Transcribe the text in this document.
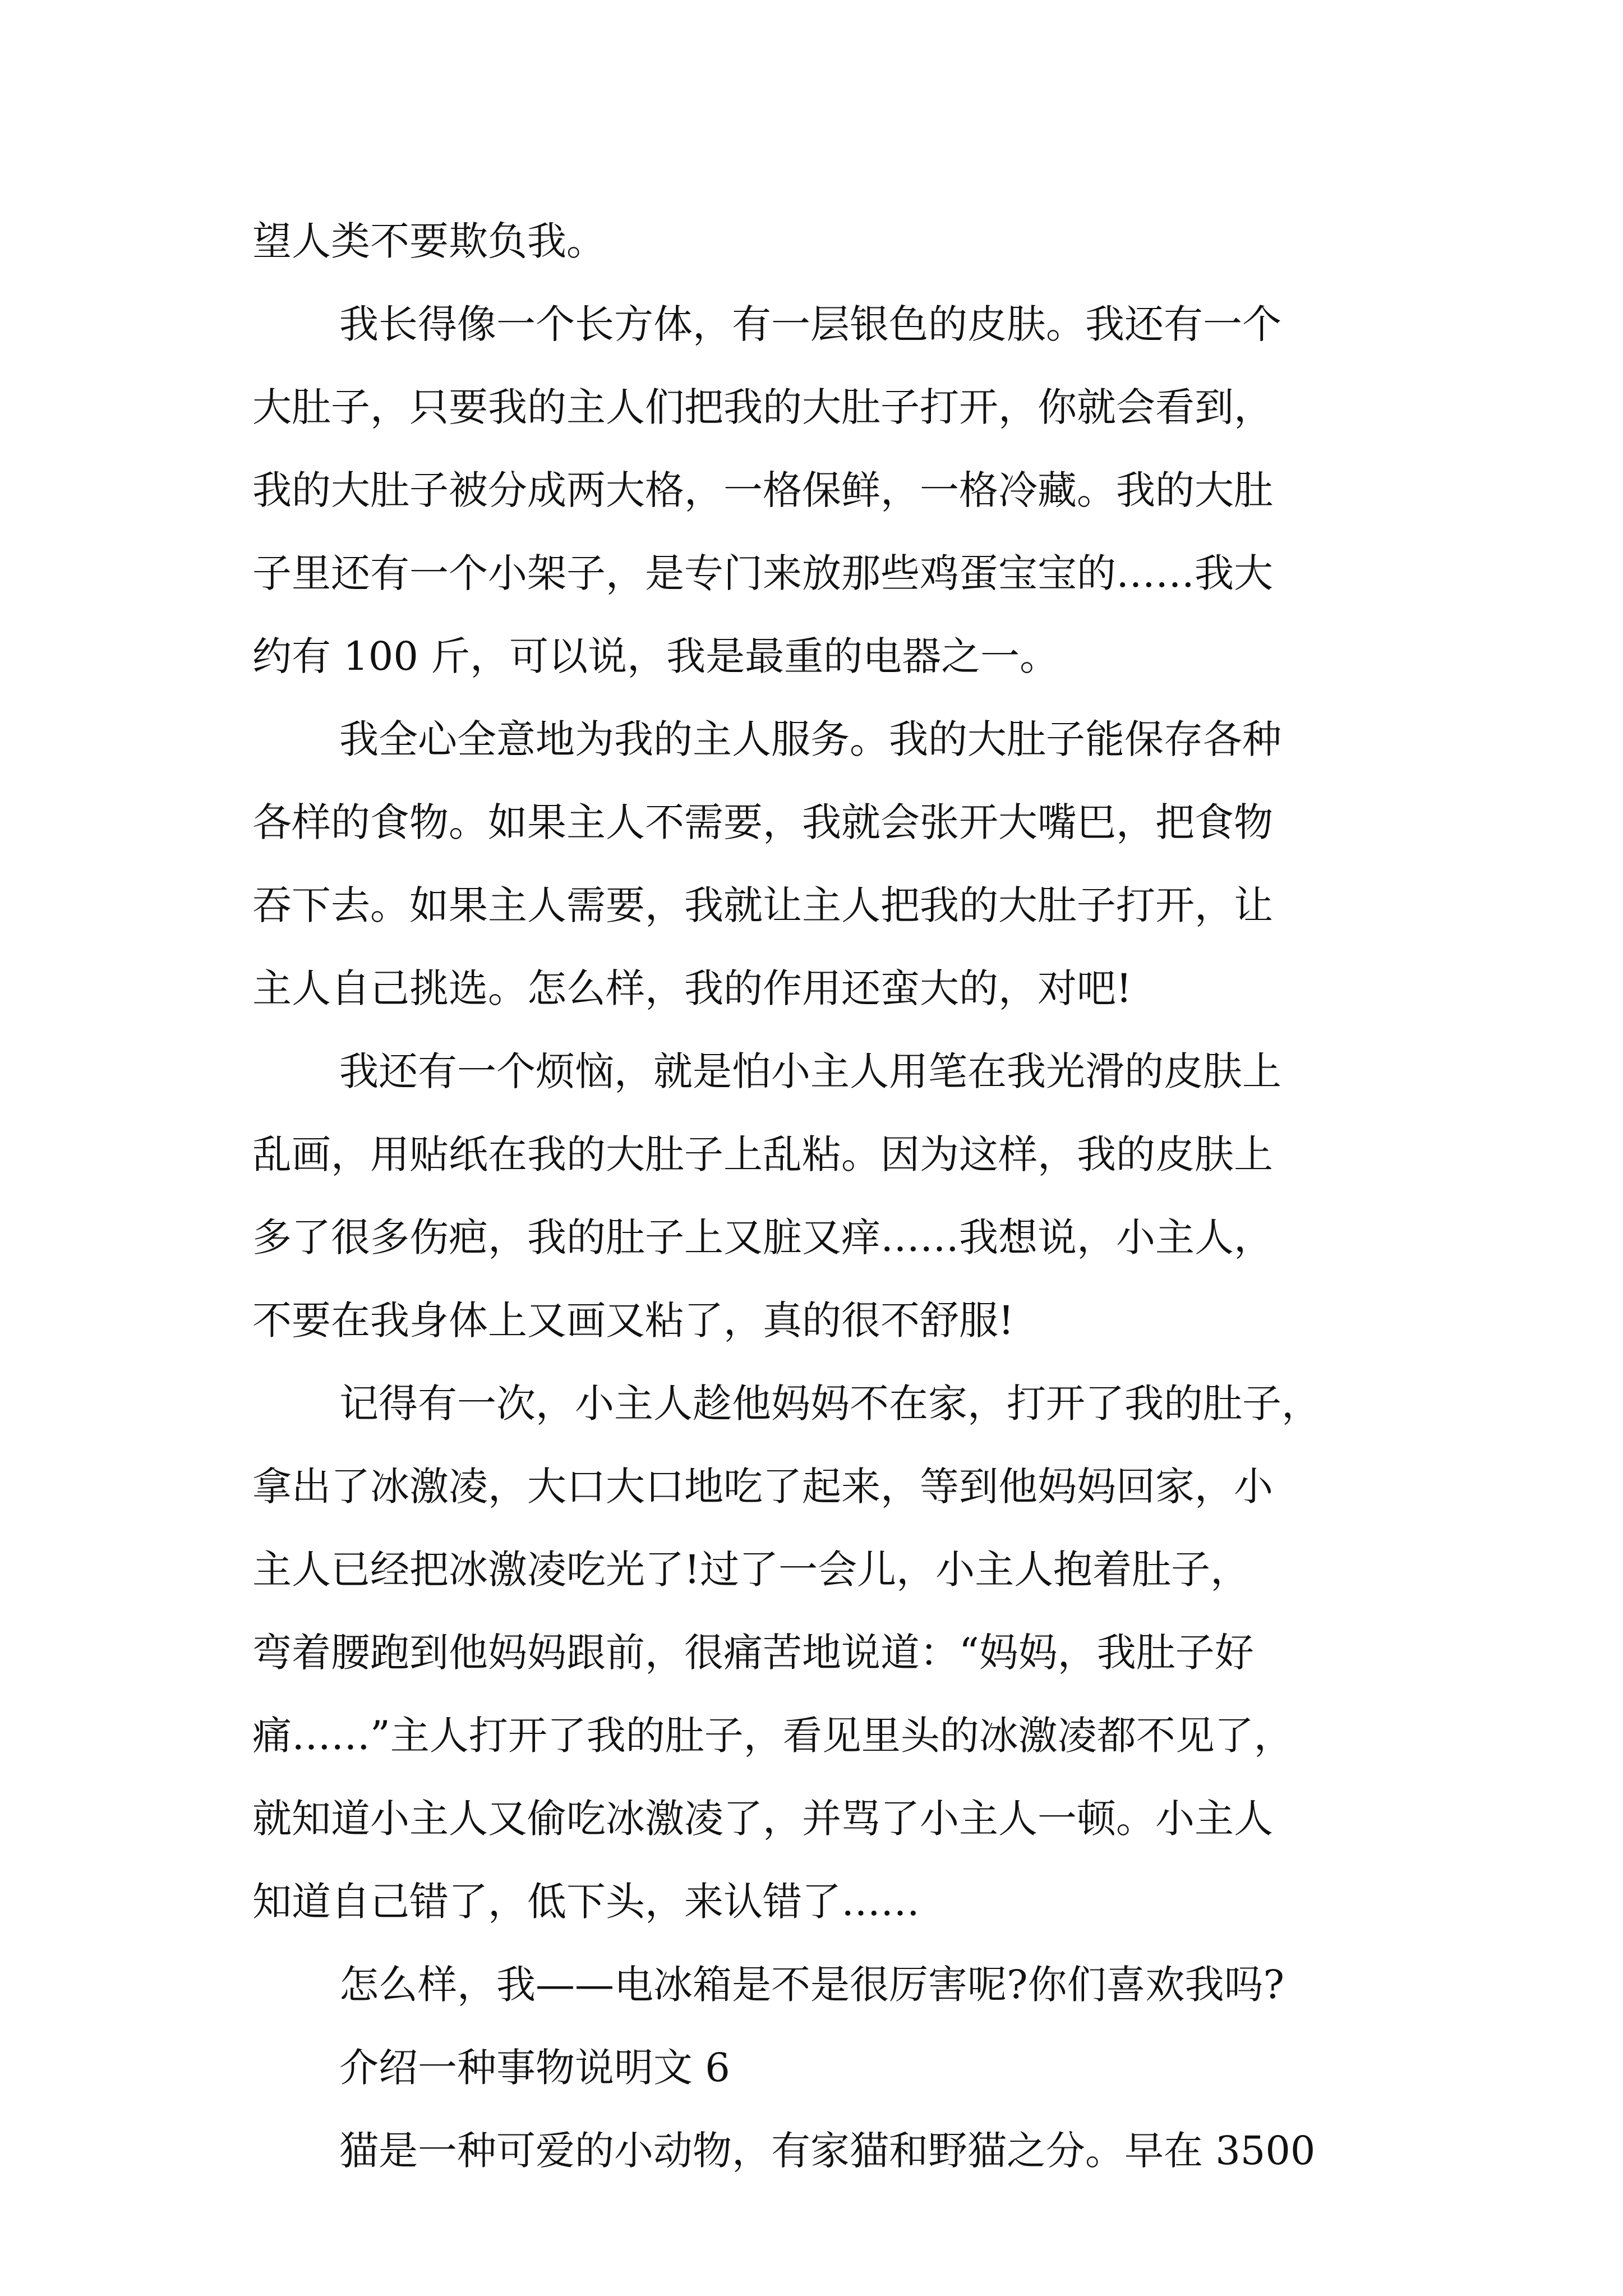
望人类不要欺负我。
我长得像一个长方体，有一层银色的皮肤。我还有一个
大肚子，只要我的主人们把我的大肚子打开，你就会看到，
我的大肚子被分成两大格，一格保鲜，一格冷藏。我的大肚
子里还有一个小架子，是专门来放那些鸡蛋宝宝的……我大
约有 100 斤，可以说，我是最重的电器之一。
我全心全意地为我的主人服务。我的大肚子能保存各种
各样的食物。如果主人不需要，我就会张开大嘴巴，把食物
吞下去。如果主人需要，我就让主人把我的大肚子打开，让
主人自己挑选。怎么样，我的作用还蛮大的，对吧!
我还有一个烦恼，就是怕小主人用笔在我光滑的皮肤上
乱画，用贴纸在我的大肚子上乱粘。因为这样，我的皮肤上
多了很多伤疤，我的肚子上又脏又痒……我想说，小主人，
不要在我身体上又画又粘了，真的很不舒服!
记得有一次，小主人趁他妈妈不在家，打开了我的肚子，
拿出了冰激凌，大口大口地吃了起来，等到他妈妈回家，小
主人已经把冰激凌吃光了!过了一会儿，小主人抱着肚子，
弯着腰跑到他妈妈跟前，很痛苦地说道：“妈妈，我肚子好
痛……”主人打开了我的肚子，看见里头的冰激凌都不见了，
就知道小主人又偷吃冰激凌了，并骂了小主人一顿。小主人
知道自己错了，低下头，来认错了……
怎么样，我——电冰箱是不是很厉害呢?你们喜欢我吗?
介绍一种事物说明文 6
猫是一种可爱的小动物，有家猫和野猫之分。早在 3500
